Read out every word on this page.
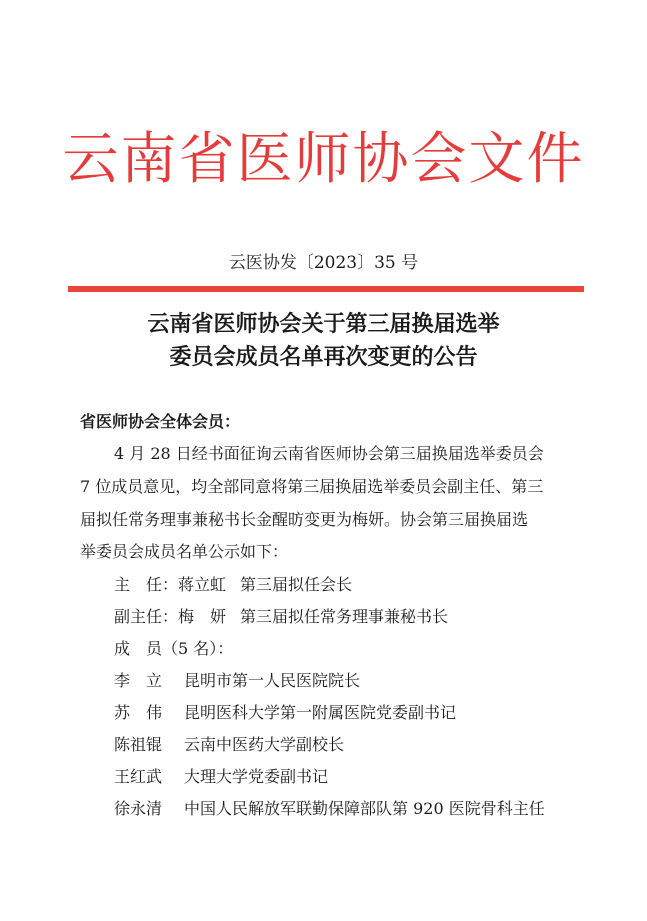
云南省医师协会文件
云医协发〔2023〕35 号
云南省医师协会关于第三届换届选举
委员会成员名单再次变更的公告
省医师协会全体会员：
4 月 28 日经书面征询云南省医师协会第三届换届选举委员会
7 位成员意见，均全部同意将第三届换届选举委员会副主任、第三
届拟任常务理事兼秘书长金醒昉变更为梅妍。协会第三届换届选
举委员会成员名单公示如下：
主　任：蒋立虹 第三届拟任会长
副主任：梅　妍 第三届拟任常务理事兼秘书长
成　员（5 名）：
李　立 昆明市第一人民医院院长
苏　伟 昆明医科大学第一附属医院党委副书记
陈祖锟 云南中医药大学副校长
王红武 大理大学党委副书记
徐永清 中国人民解放军联勤保障部队第 920 医院骨科主任
